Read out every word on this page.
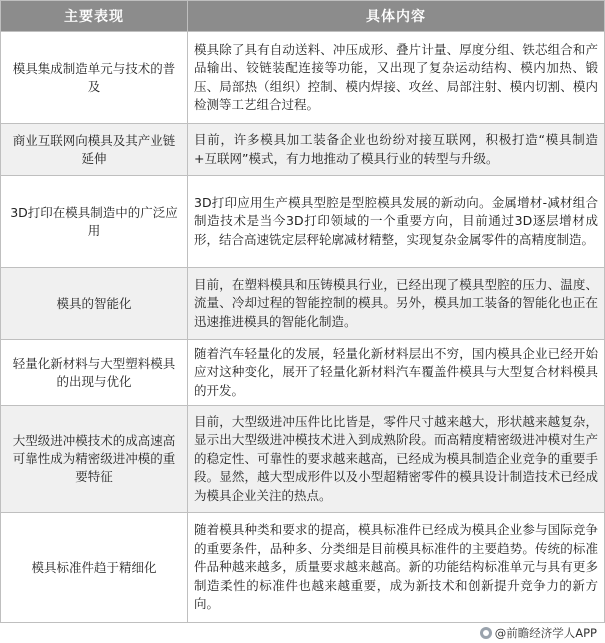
主要表现	具体内容
模具集成制造单元与技术的普及	模具除了具有自动送料、冲压成形、叠片计量、厚度分组、铁芯组合和产品输出、铰链装配连接等功能，又出现了复杂运动结构、模内加热、锻压、局部热（组织）控制、模内焊接、攻丝、局部注射、模内切割、模内检测等工艺组合过程。
商业互联网向模具及其产业链延伸	目前，许多模具加工装备企业也纷纷对接互联网，积极打造“模具制造+互联网”模式，有力地推动了模具行业的转型与升级。
3D打印在模具制造中的广泛应用	3D打印应用生产模具型腔是型腔模具发展的新动向。金属增材-减材组合制造技术是当今3D打印领域的一个重要方向，目前通过3D逐层增材成形，结合高速铣定层秤轮廓减材精整，实现复杂金属零件的高精度制造。
模具的智能化	目前，在塑料模具和压铸模具行业，已经出现了模具型腔的压力、温度、流量、冷却过程的智能控制的模具。另外，模具加工装备的智能化也正在迅速推进模具的智能化制造。
轻量化新材料与大型塑料模具的出现与优化	随着汽车轻量化的发展，轻量化新材料层出不穷，国内模具企业已经开始应对这种变化，展开了轻量化新材料汽车覆盖件模具与大型复合材料模具的开发。
大型级进冲模技术的成高速高可靠性成为精密级进冲模的重要特征	目前，大型级进冲压件比比皆是，零件尺寸越来越大，形状越来越复杂，显示出大型级进冲模技术进入到成熟阶段。而高精度精密级进冲模对生产的稳定性、可靠性的要求越来越高，已经成为模具制造企业竞争的重要手段。显然，越大型成形件以及小型超精密零件的模具设计制造技术已经成为模具企业关注的热点。
模具标准件趋于精细化	随着模具种类和要求的提高，模具标准件已经成为模具企业参与国际竞争的重要条件，品种多、分类细是目前模具标准件的主要趋势。传统的标准件品种越来越多，质量要求越来越高。新的功能结构标准单元与具有更多制造柔性的标准件也越来越重要，成为新技术和创新提升竞争力的新方向。
@前瞻经济学人APP
